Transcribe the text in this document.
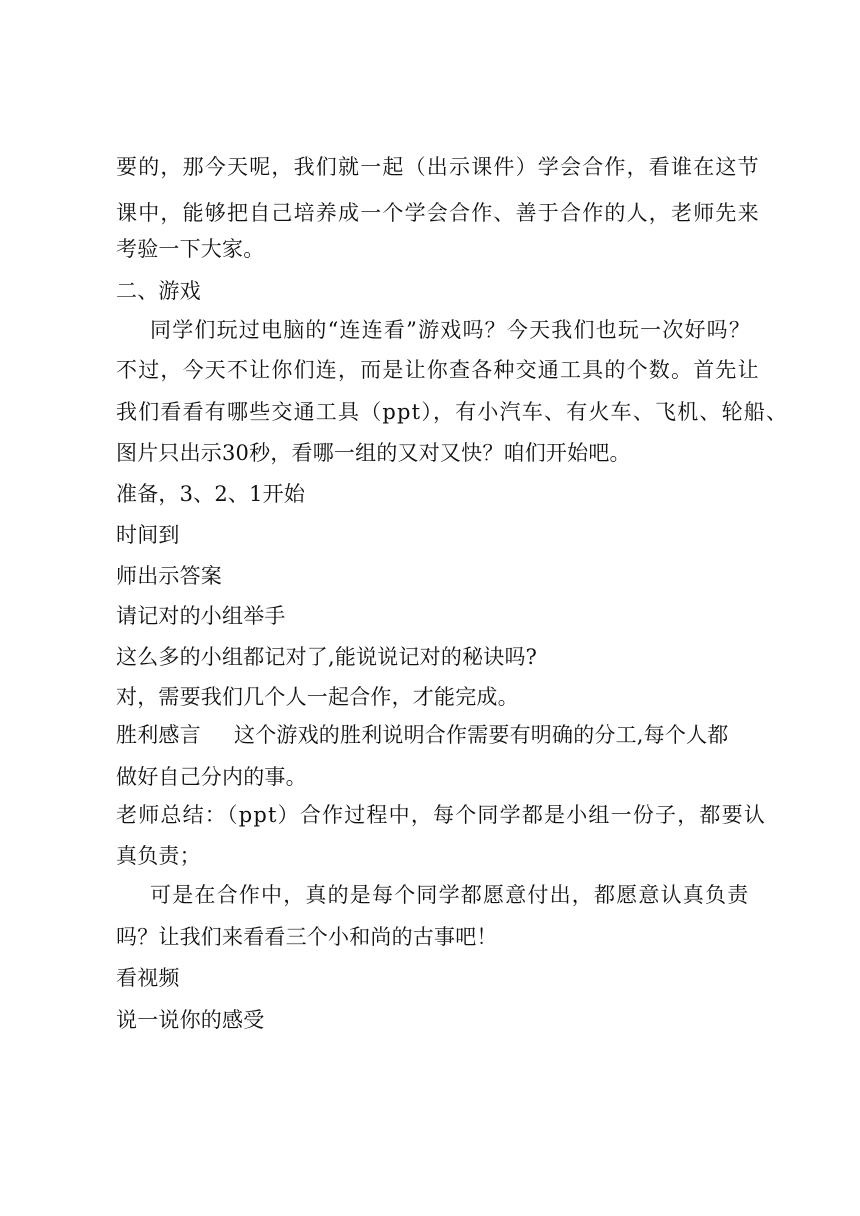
要的，那今天呢，我们就一起（出示课件）学会合作，看谁在这节
课中，能够把自己培养成一个学会合作、善于合作的人，老师先来
考验一下大家。
二、游戏
同学们玩过电脑的“连连看”游戏吗？今天我们也玩一次好吗？
不过，今天不让你们连，而是让你查各种交通工具的个数。首先让
我们看看有哪些交通工具（ppt），有小汽车、有火车、飞机、轮船、
图片只出示30秒，看哪一组的又对又快？咱们开始吧。
准备，3、2、1开始
时间到
师出示答案
请记对的小组举手
这么多的小组都记对了,能说说记对的秘诀吗?
对，需要我们几个人一起合作，才能完成。
胜利感言 这个游戏的胜利说明合作需要有明确的分工,每个人都
做好自己分内的事。
老师总结：（ppt）合作过程中，每个同学都是小组一份子，都要认
真负责；
可是在合作中，真的是每个同学都愿意付出，都愿意认真负责
吗？让我们来看看三个小和尚的古事吧！
看视频
说一说你的感受
